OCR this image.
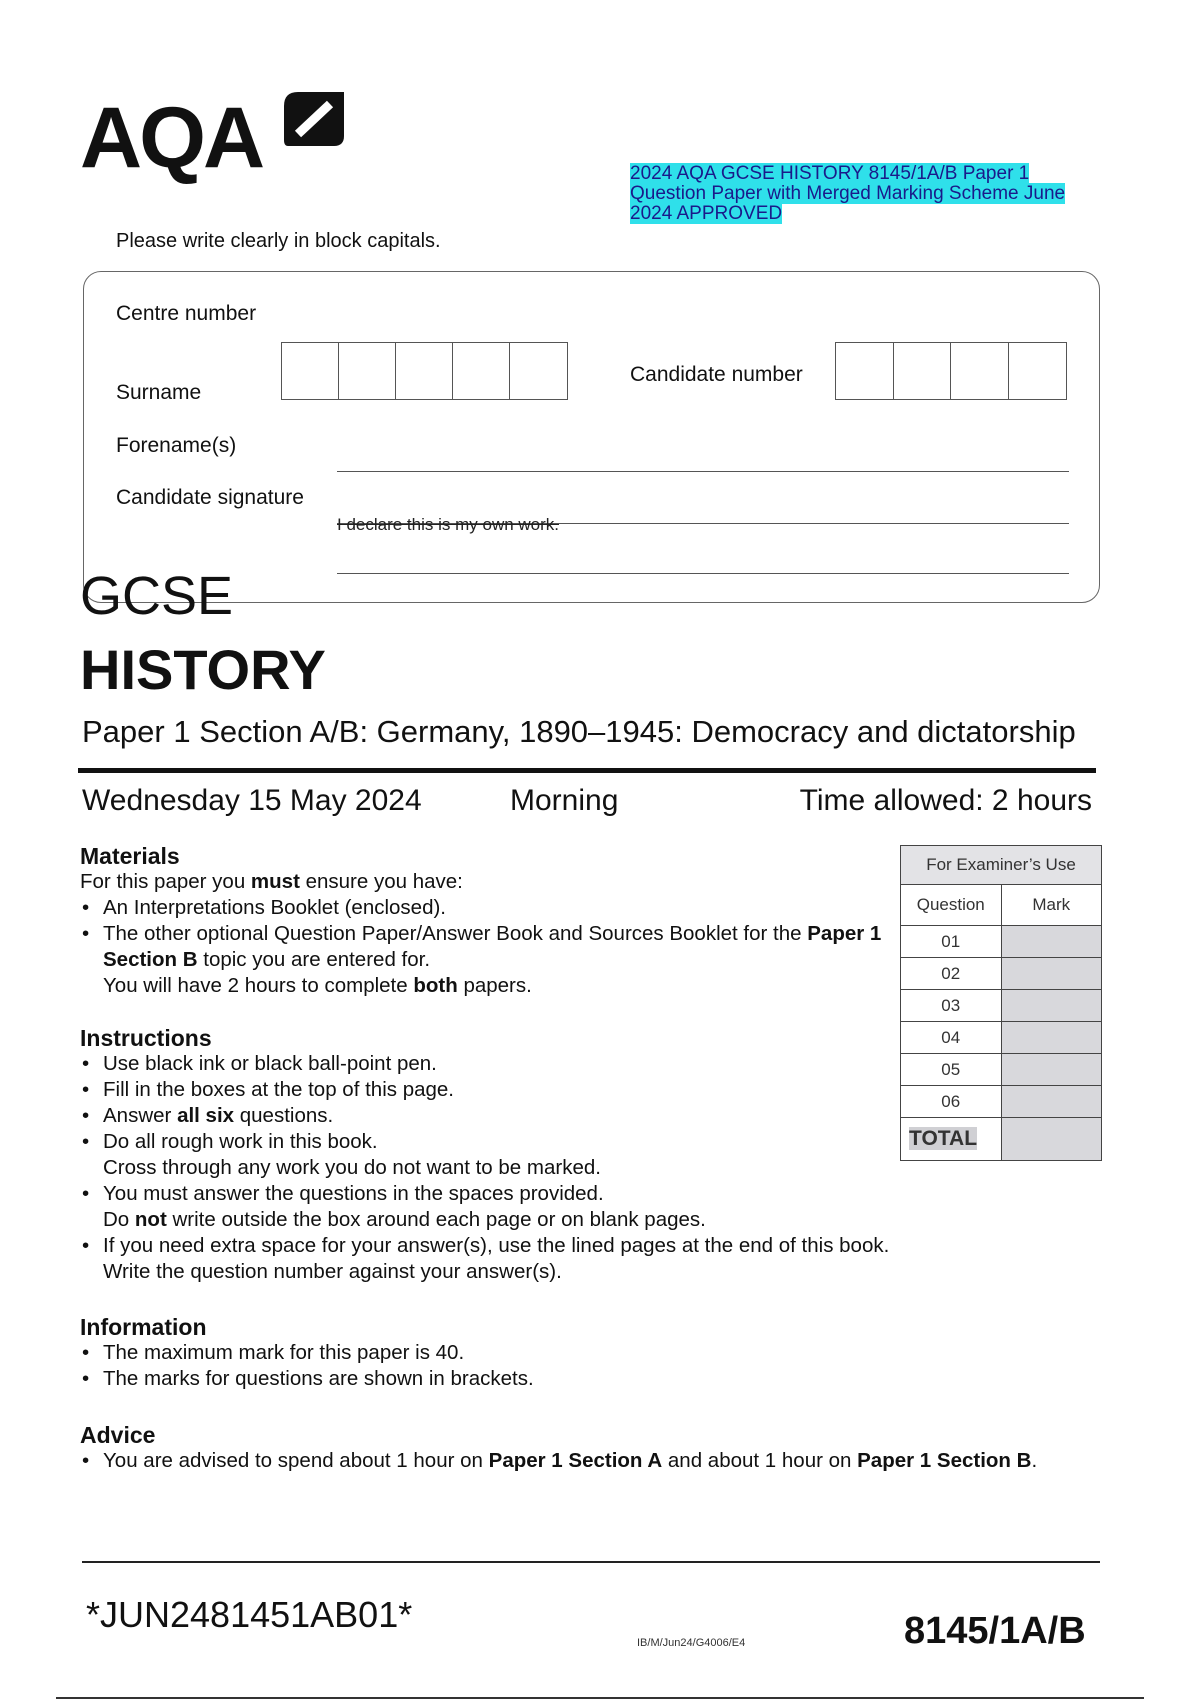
AQA	2024 AQA GCSE HISTORY 8145/1A/B Paper 1 Question Paper with Merged Marking Scheme June 2024 APPROVED
Please write clearly in block capitals.
Centre number
Candidate number
Surname
Forename(s)
Candidate signature
I declare this is my own work.
GCSE
HISTORY
Paper 1 Section A/B: Germany, 1890–1945: Democracy and dictatorship
Wednesday 15 May 2024	Morning	Time allowed: 2 hours
Materials

For this paper you must ensure you have:

• An Interpretations Booklet (enclosed).
• The other optional Question Paper/Answer Book and Sources Booklet for the Paper 1 Section B topic you are entered for.
You will have 2 hours to complete both papers.
Instructions
• Use black ink or black ball-point pen.
• Fill in the boxes at the top of this page.
• Answer all six questions.
• Do all rough work in this book.
Cross through any work you do not want to be marked.
• You must answer the questions in the spaces provided.
Do not write outside the box around each page or on blank pages.
• If you need extra space for your answer(s), use the lined pages at the end of this book. Write the question number against your answer(s).
Information
• The maximum mark for this paper is 40.
• The marks for questions are shown in brackets.
Advice
• You are advised to spend about 1 hour on Paper 1 Section A and about 1 hour on Paper 1 Section B.
For Examiner’s Use	
Question	Mark
01	
02	
03	
04	
05	
06	
TOTAL	
*JUN2481451AB01*
IB/M/Jun24/G4006/E4	8145/1A/B
